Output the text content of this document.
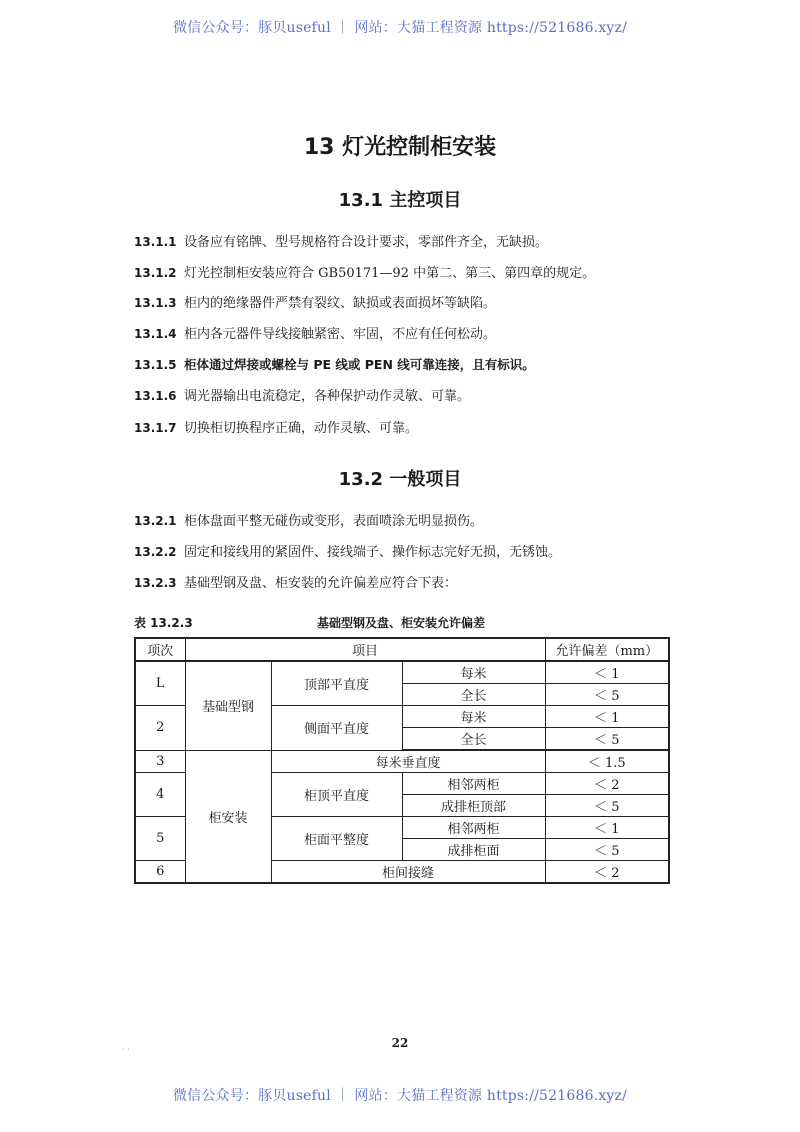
微信公众号：豚贝useful ｜ 网站：大猫工程资源 https://521686.xyz/
13 灯光控制柜安装
13.1 主控项目
13.1.1 设备应有铭牌、型号规格符合设计要求，零部件齐全，无缺损。
13.1.2 灯光控制柜安装应符合 GB50171—92 中第二、第三、第四章的规定。
13.1.3 柜内的绝缘器件严禁有裂纹、缺损或表面损坏等缺陷。
13.1.4 柜内各元器件导线接触紧密、牢固，不应有任何松动。
13.1.5 柜体通过焊接或螺栓与 PE 线或 PEN 线可靠连接，且有标识。
13.1.6 调光器输出电流稳定，各种保护动作灵敏、可靠。
13.1.7 切换柜切换程序正确，动作灵敏、可靠。
13.2 一般项目
13.2.1 柜体盘面平整无碰伤或变形，表面喷涂无明显损伤。
13.2.2 固定和接线用的紧固件、接线端子、操作标志完好无损，无锈蚀。
13.2.3 基础型钢及盘、柜安装的允许偏差应符合下表：
基础型钢及盘、柜安装允许偏差
表 13.2.3
项次	项目			允许偏差（mm）
L	基础型钢	顶部平直度	每米	＜ 1
			全长	＜ 5
2		侧面平直度	每米	＜ 1
			全长	＜ 5
3	柜安装	每米垂直度		＜ 1.5
4		柜顶平直度	相邻两柜	＜ 2
			成排柜顶部	＜ 5
5		柜面平整度	相邻两柜	＜ 1
			成排柜面	＜ 5
6		柜间接缝		＜ 2
· ·	22
微信公众号：豚贝useful ｜ 网站：大猫工程资源 https://521686.xyz/
